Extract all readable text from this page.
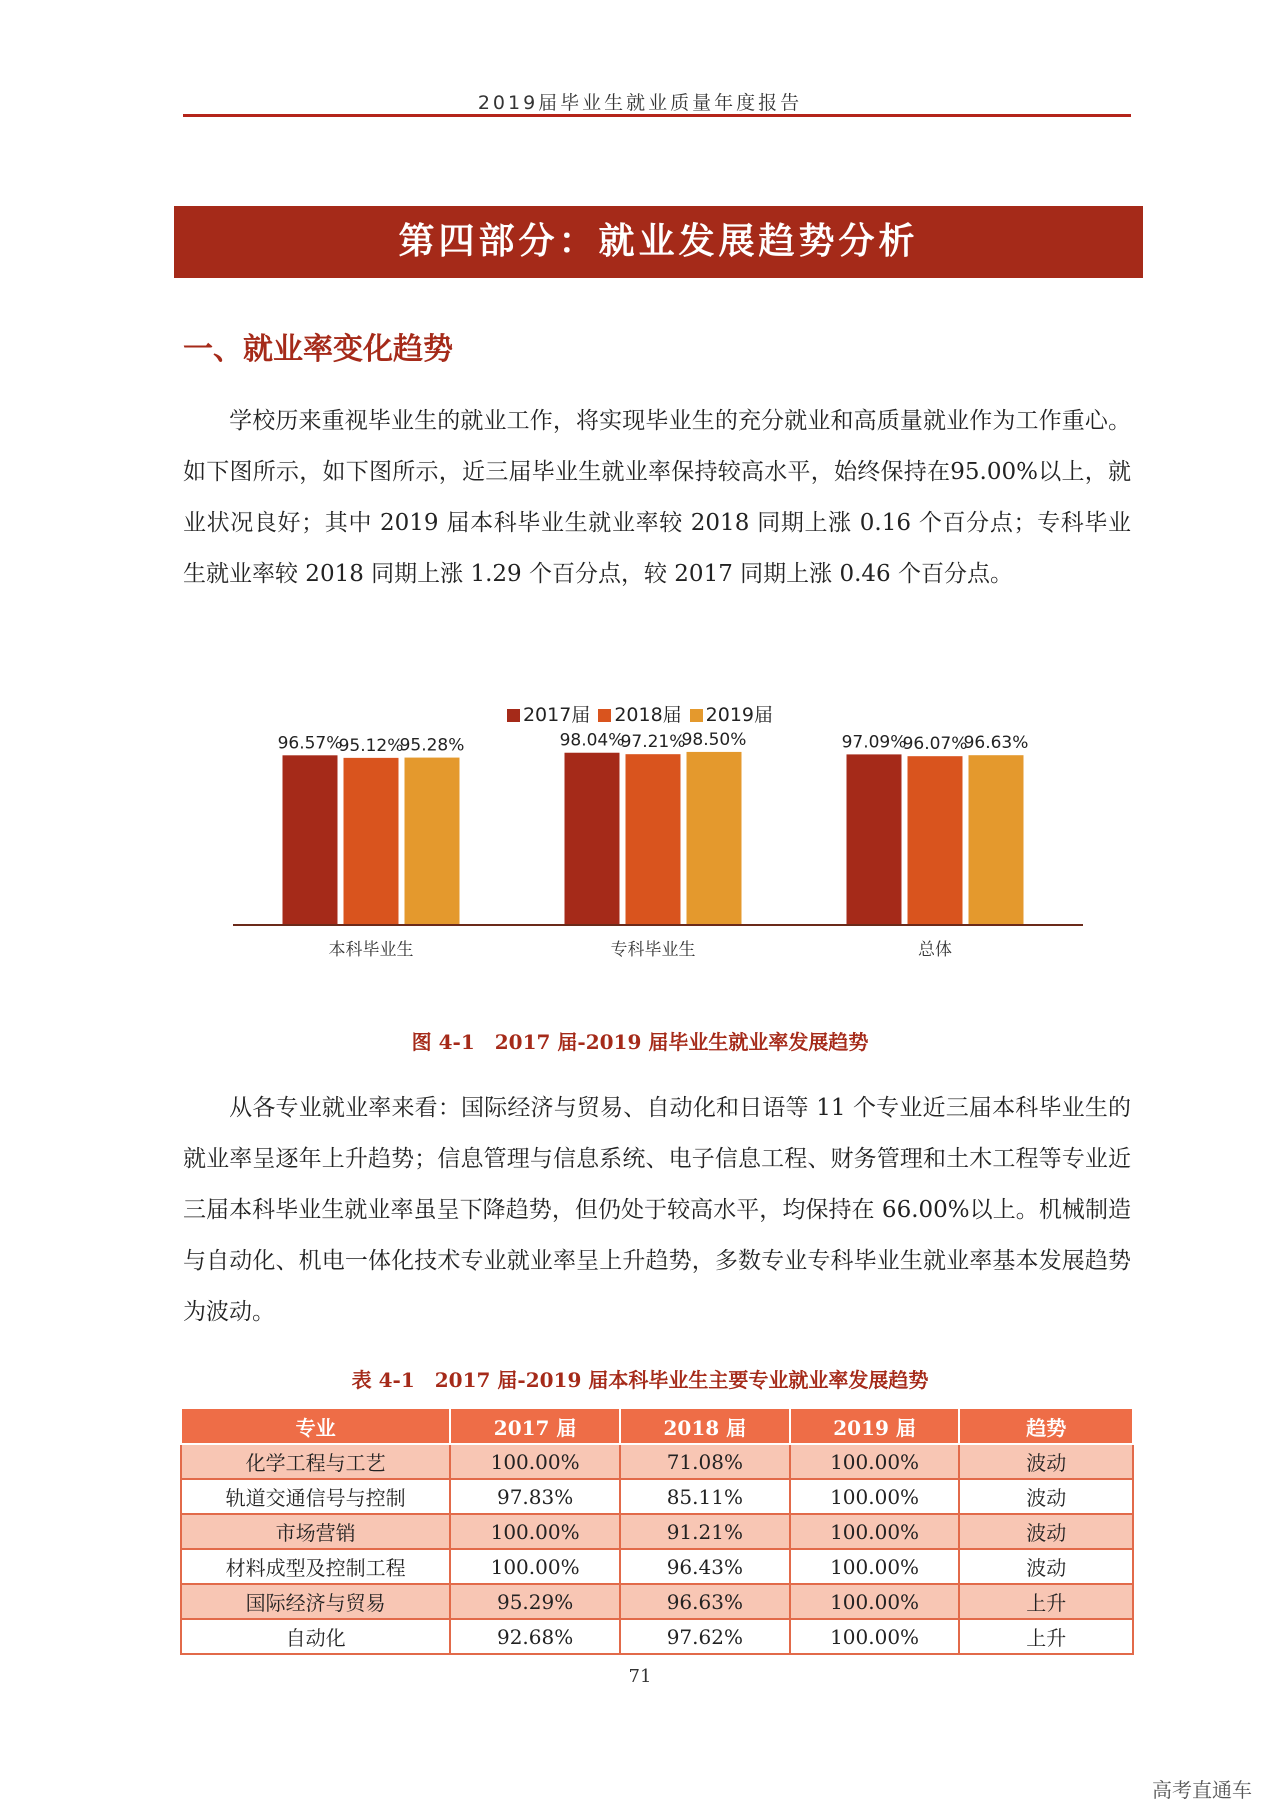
2019届毕业生就业质量年度报告
第四部分：就业发展趋势分析
一、就业率变化趋势
学校历来重视毕业生的就业工作，将实现毕业生的充分就业和高质量就业作为工作重心。如下图所示，如下图所示，近三届毕业生就业率保持较高水平，始终保持在95.00%以上，就业状况良好；其中 2019 届本科毕业生就业率较 2018 同期上涨 0.16 个百分点；专科毕业生就业率较 2018 同期上涨 1.29 个百分点，较 2017 同期上涨 0.46 个百分点。
2017届 2018届 2019届
96.57%
95.12%
95.28%
本科毕业生
98.04%
97.21%
98.50%
专科毕业生
97.09%
96.07%
96.63%
总体
图 4-1　2017 届-2019 届毕业生就业率发展趋势
从各专业就业率来看：国际经济与贸易、自动化和日语等 11 个专业近三届本科毕业生的就业率呈逐年上升趋势；信息管理与信息系统、电子信息工程、财务管理和土木工程等专业近三届本科毕业生就业率虽呈下降趋势，但仍处于较高水平，均保持在 66.00%以上。机械制造与自动化、机电一体化技术专业就业率呈上升趋势，多数专业专科毕业生就业率基本发展趋势为波动。
表 4-1　2017 届-2019 届本科毕业生主要专业就业率发展趋势
专业	2017 届	2018 届	2019 届	趋势
化学工程与工艺	100.00%	71.08%	100.00%	波动
轨道交通信号与控制	97.83%	85.11%	100.00%	波动
市场营销	100.00%	91.21%	100.00%	波动
材料成型及控制工程	100.00%	96.43%	100.00%	波动
国际经济与贸易	95.29%	96.63%	100.00%	上升
自动化	92.68%	97.62%	100.00%	上升
71
高考直通车
